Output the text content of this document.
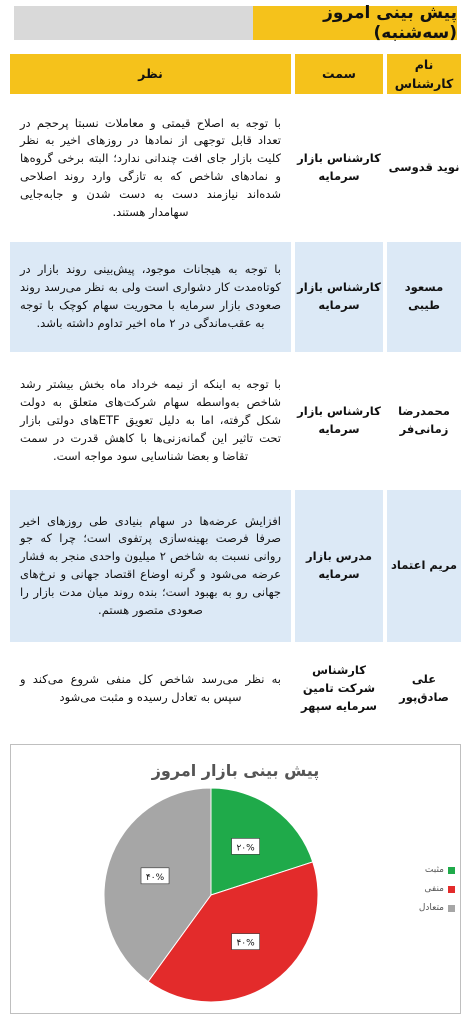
پیش بینی امروز (سه‌شنبه)
نام کارشناس
سمت
نظر
نوید قدوسی
کارشناس بازار سرمایه
با توجه به اصلاح قیمتی و معاملات نسبتا پرحجم در تعداد قابل توجهی از نمادها در روزهای اخیر به نظر کلیت بازار جای افت چندانی ندارد؛ البته برخی گروه‌ها و نمادهای شاخص که به تازگی وارد روند اصلاحی شده‌اند نیازمند دست به دست شدن و جابه‌جایی سهامدار هستند.
مسعود طیبی
کارشناس بازار سرمایه
با توجه به هیجانات موجود، پیش‌بینی روند بازار در کوتاه‌مدت کار دشواری است ولی به نظر می‌رسد روند صعودی بازار سرمایه با محوریت سهام کوچک با توجه به عقب‌ماندگی در ۲ ماه اخیر تداوم داشته باشد.
محمدرضا زمانی‌فر
کارشناس بازار سرمایه
با توجه به اینکه از نیمه خرداد ماه بخش بیشتر رشد شاخص به‌واسطه سهام شرکت‌های متعلق به دولت شکل گرفته، اما به دلیل تعویق ETFهای دولتی بازار تحت تاثیر این گمانه‌زنی‌ها با کاهش قدرت در سمت تقاضا و بعضا شناسایی سود مواجه است.
مریم اعتماد
مدرس بازار سرمایه
افزایش عرضه‌ها در سهام بنیادی طی روزهای اخیر صرفا فرصت بهینه‌سازی پرتفوی است؛ چرا که جو روانی نسبت به شاخص ۲ میلیون واحدی منجر به فشار عرضه می‌شود و گرنه اوضاع اقتصاد جهانی و نرخ‌های جهانی رو به بهبود است؛ بنده روند میان مدت بازار را صعودی متصور هستم.
علی صادق‌پور
کارشناس شرکت تامین سرمایه سپهر
به نظر می‌رسد شاخص کل منفی شروع می‌کند و سپس به تعادل رسیده و مثبت می‌شود
پیش بینی بازار امروز
۲۰%
۴۰%
۴۰%
مثبت
منفی
متعادل
